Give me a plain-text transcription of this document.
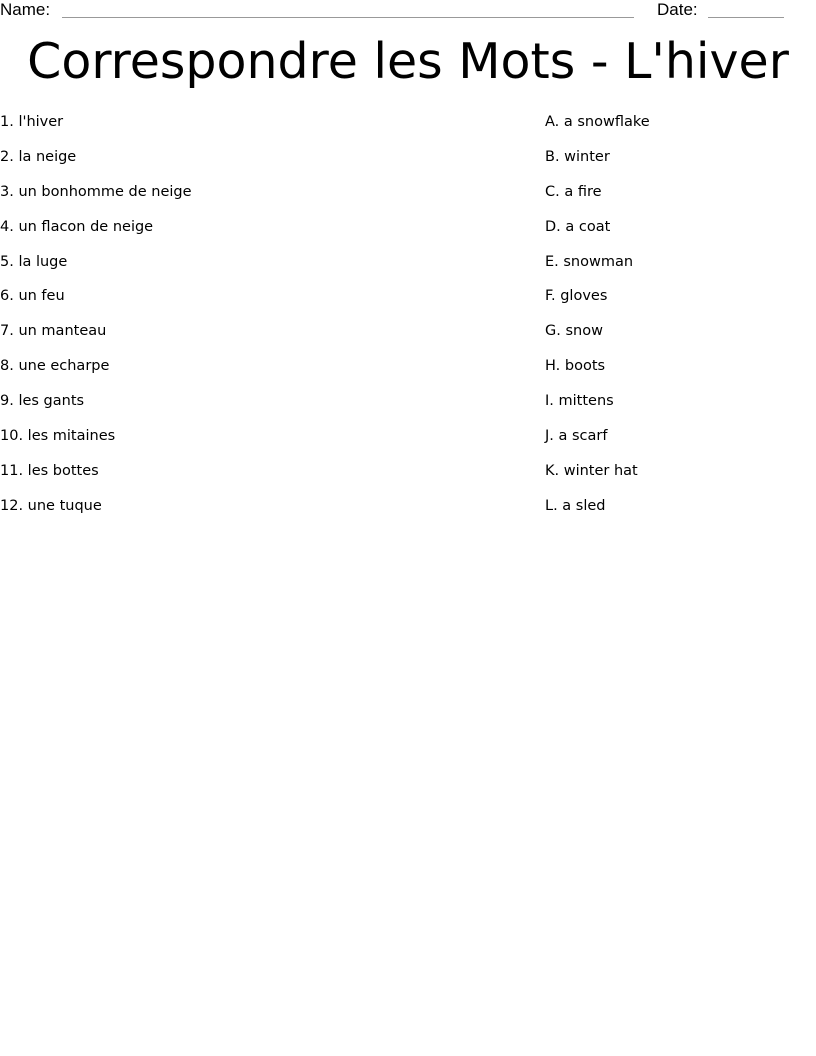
Name:	Date:
Correspondre les Mots - L'hiver
1. l'hiver
2. la neige
3. un bonhomme de neige
4. un flacon de neige
5. la luge
6. un feu
7. un manteau
8. une echarpe
9. les gants
10. les mitaines
11. les bottes
12. une tuque
A. a snowflake
B. winter
C. a fire
D. a coat
E. snowman
F. gloves
G. snow
H. boots
I. mittens
J. a scarf
K. winter hat
L. a sled
